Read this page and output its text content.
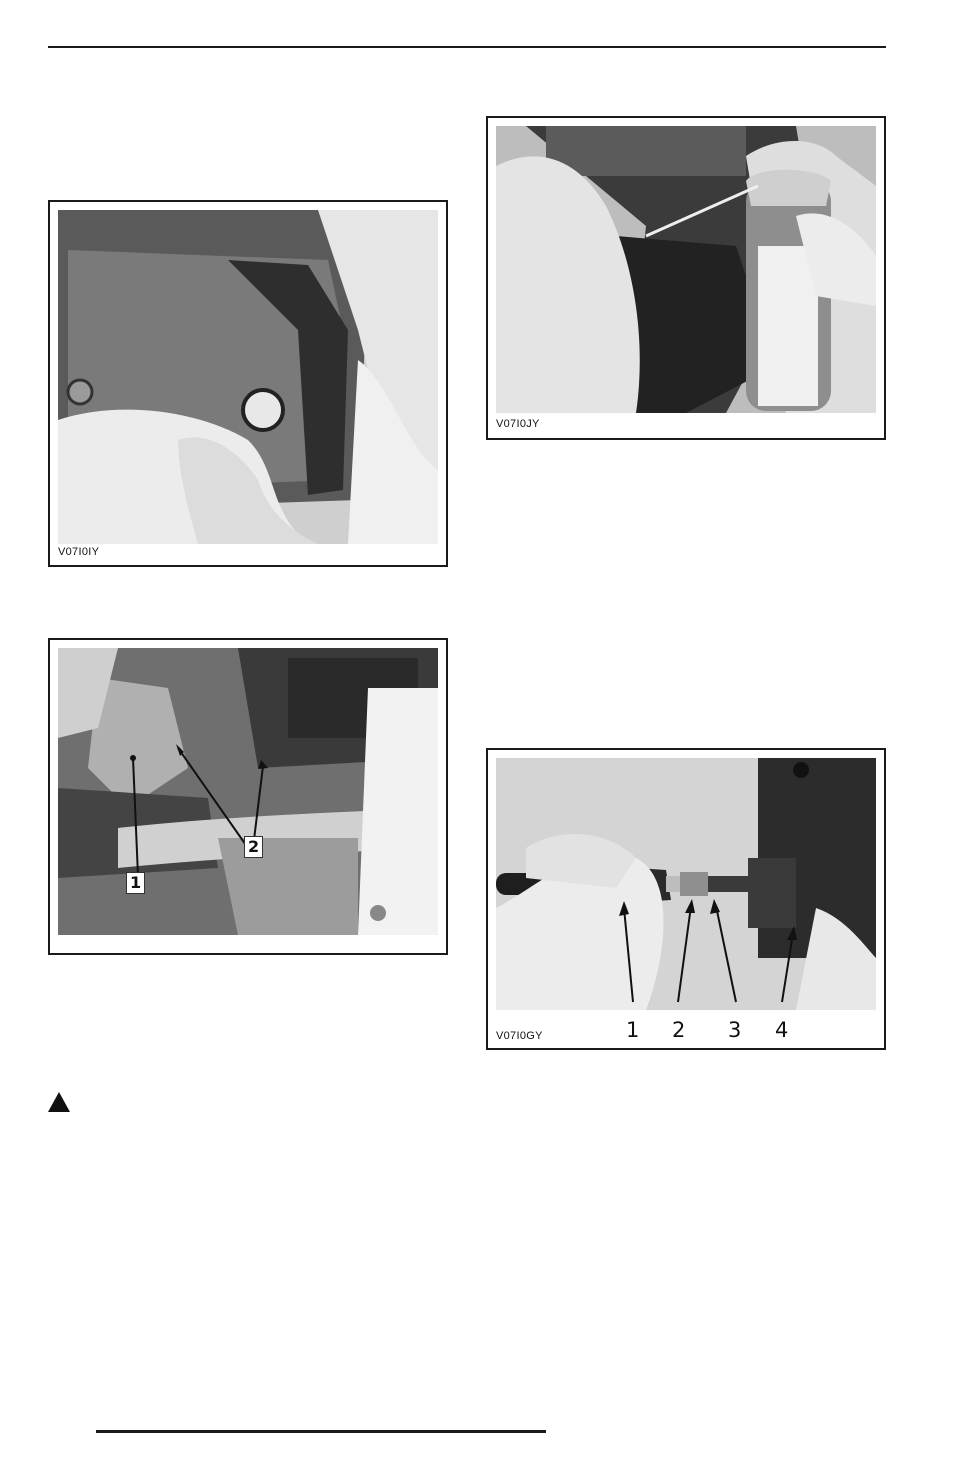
V07I0IY
1
2
V07I0JY
1 2 3 4
V07I0GY
